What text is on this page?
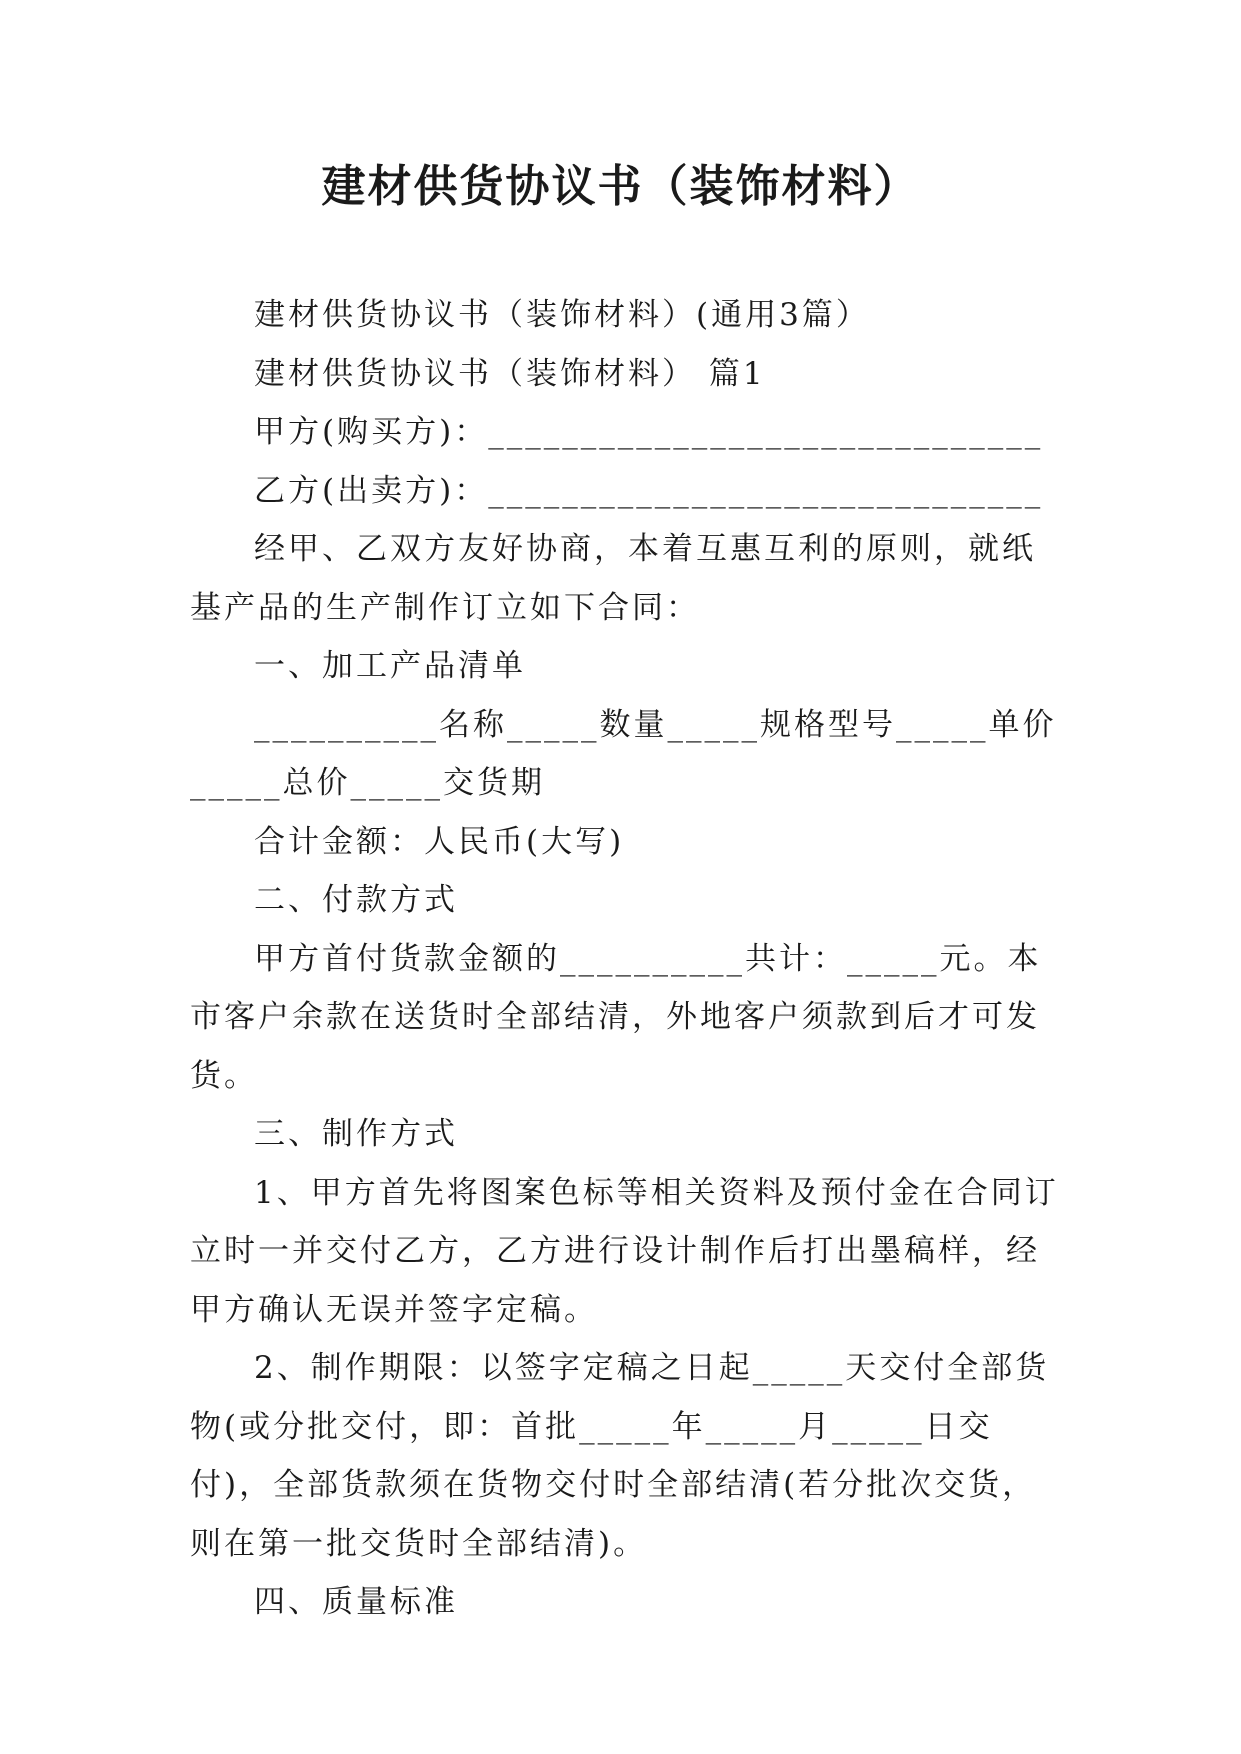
建材供货协议书（装饰材料）

建材供货协议书（装饰材料）(通用3篇）

建材供货协议书（装饰材料） 篇1

甲方(购买方)：______________________________

乙方(出卖方)：______________________________

经甲、乙双方友好协商，本着互惠互利的原则，就纸基产品的生产制作订立如下合同：

一、加工产品清单

__________名称_____数量_____规格型号_____单价_____总价_____交货期

合计金额：人民币(大写)

二、付款方式

甲方首付货款金额的__________共计：_____元。本市客户余款在送货时全部结清，外地客户须款到后才可发货。

三、制作方式

1、甲方首先将图案色标等相关资料及预付金在合同订立时一并交付乙方，乙方进行设计制作后打出墨稿样，经甲方确认无误并签字定稿。

2、制作期限：以签字定稿之日起_____天交付全部货物(或分批交付，即：首批_____年_____月_____日交付)，全部货款须在货物交付时全部结清(若分批次交货，则在第一批交货时全部结清)。

四、质量标准
